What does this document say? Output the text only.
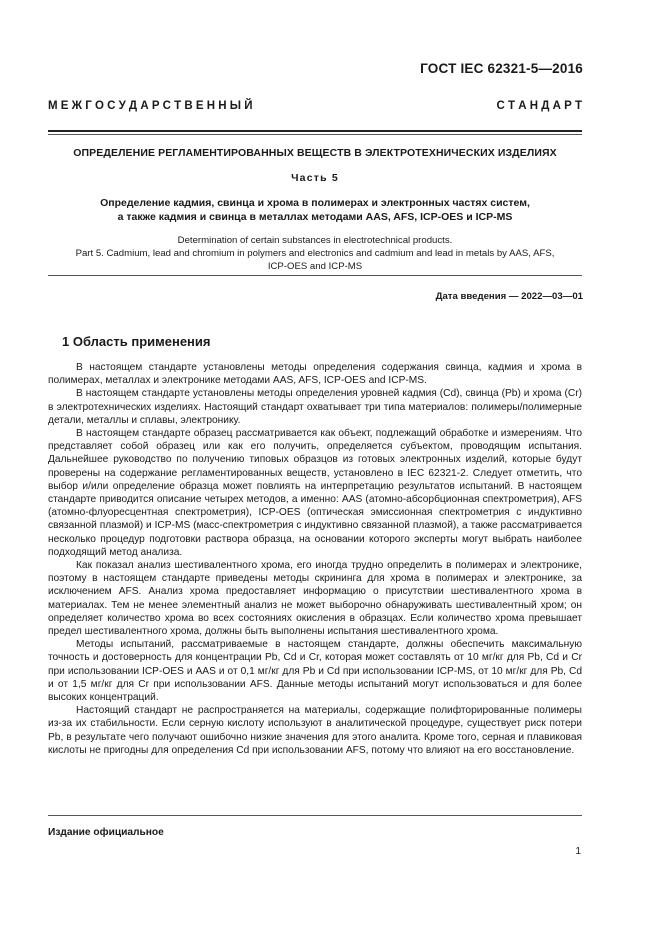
ГОСТ IEC 62321-5—2016
М Е Ж Г О С У Д А Р С Т В Е Н Н Ы Й	С Т А Н Д А Р Т
ОПРЕДЕЛЕНИЕ РЕГЛАМЕНТИРОВАННЫХ ВЕЩЕСТВ В ЭЛЕКТРОТЕХНИЧЕСКИХ ИЗДЕЛИЯХ
Часть 5
Определение кадмия, свинца и хрома в полимерах и электронных частях систем,
а также кадмия и свинца в металлах методами AAS, AFS, ICP-OES и ICP-MS
Determination of certain substances in electrotechnical products.
Part 5. Cadmium, lead and chromium in polymers and electronics and cadmium and lead in metals by AAS, AFS,
ICP-OES and ICP-MS
Дата введения — 2022—03—01
1 Область применения

В настоящем стандарте установлены методы определения содержания свинца, кадмия и хрома в полимерах, металлах и электронике методами AAS, AFS, ICP-OES and ICP-MS.

В настоящем стандарте установлены методы определения уровней кадмия (Cd), свинца (Pb) и хрома (Cr) в электротехнических изделиях. Настоящий стандарт охватывает три типа материалов: полимеры/полимерные детали, металлы и сплавы, электронику.

В настоящем стандарте образец рассматривается как объект, подлежащий обработке и измерениям. Что представляет собой образец или как его получить, определяется субъектом, проводящим испытания. Дальнейшее руководство по получению типовых образцов из готовых электронных изделий, которые будут проверены на содержание регламентированных веществ, установлено в IEC 62321-2. Следует отметить, что выбор и/или определение образца может повлиять на интерпретацию результатов испытаний. В настоящем стандарте приводится описание четырех методов, а именно: AAS (атомно-абсорбционная спектрометрия), AFS (атомно-флуоресцентная спектрометрия), ICP-OES (оптическая эмиссионная спектрометрия с индуктивно связанной плазмой) и ICP-MS (масс-спектрометрия с индуктивно связанной плазмой), а также рассматривается несколько процедур подготовки раствора образца, на основании которого эксперты могут выбрать наиболее подходящий метод анализа.

Как показал анализ шестивалентного хрома, его иногда трудно определить в полимерах и электронике, поэтому в настоящем стандарте приведены методы скрининга для хрома в полимерах и электронике, за исключением AFS. Анализ хрома предоставляет информацию о присутствии шестивалентного хрома в материалах. Тем не менее элементный анализ не может выборочно обнаруживать шестивалентный хром; он определяет количество хрома во всех состояниях окисления в образцах. Если количество хрома превышает предел шестивалентного хрома, должны быть выполнены испытания шестивалентного хрома.

Методы испытаний, рассматриваемые в настоящем стандарте, должны обеспечить максимальную точность и достоверность для концентрации Pb, Cd и Cr, которая может составлять от 10 мг/кг для Pb, Cd и Cr при использовании ICP-OES и AAS и от 0,1 мг/кг для Pb и Cd при использовании ICP-MS, от 10 мг/кг для Pb, Cd и от 1,5 мг/кг для Cr при использовании AFS. Данные методы испытаний могут использоваться и для более высоких концентраций.

Настоящий стандарт не распространяется на материалы, содержащие полифторированные полимеры из-за их стабильности. Если серную кислоту используют в аналитической процедуре, существует риск потери Pb, в результате чего получают ошибочно низкие значения для этого аналита. Кроме того, серная и плавиковая кислоты не пригодны для определения Cd при использовании AFS, потому что влияют на его восстановление.

Издание официальное
1
